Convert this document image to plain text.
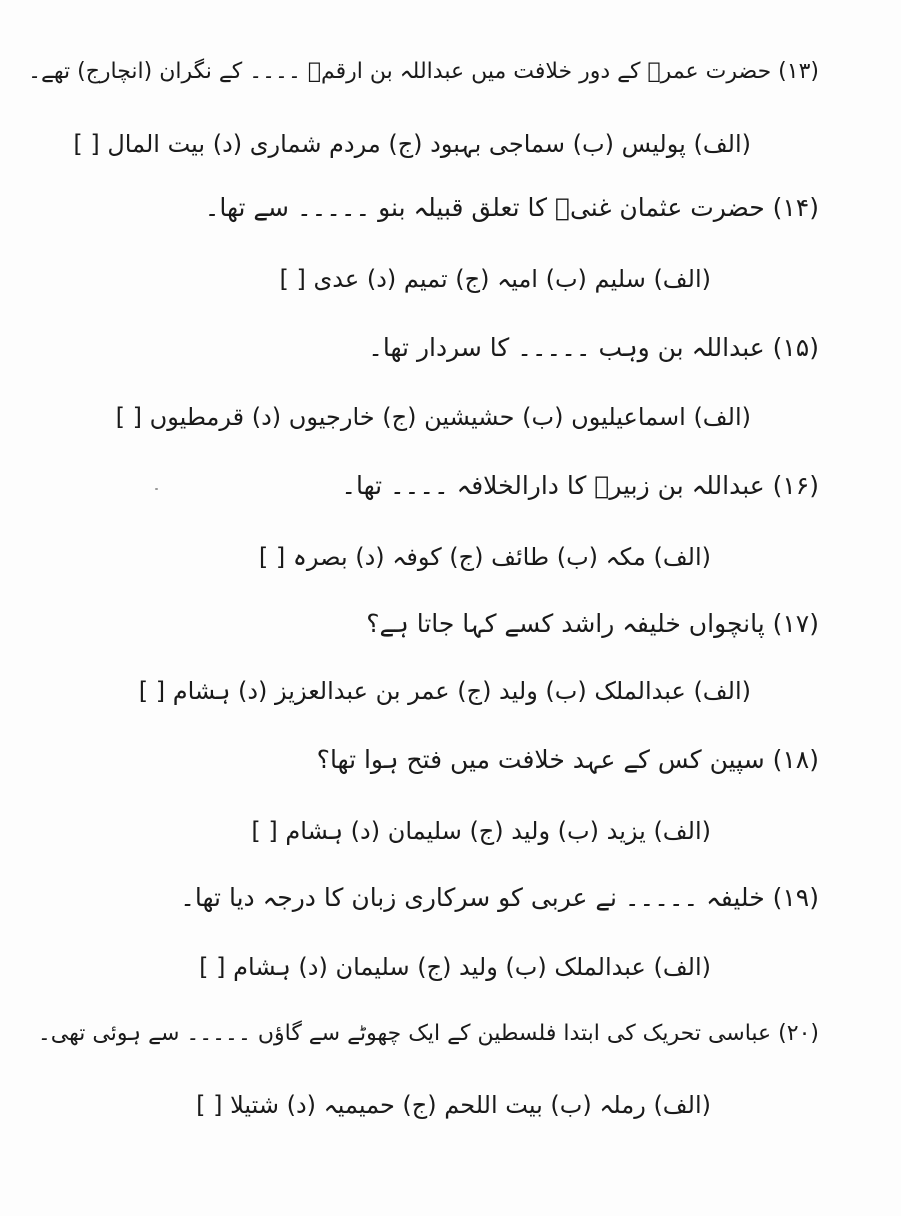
(۱۳) حضرت عمرؓ کے دور خلافت میں عبداللہ بن ارقمؓ ۔۔۔۔ کے نگران (انچارج) تھے۔
(الف) پولیس (ب) سماجی بہبود (ج) مردم شماری (د) بیت المال [ ]
(۱۴) حضرت عثمان غنیؓ کا تعلق قبیلہ بنو ۔۔۔۔۔ سے تھا۔
(الف) سلیم (ب) امیہ (ج) تمیم (د) عدی [ ]
(۱۵) عبداللہ بن وہب ۔۔۔۔۔ کا سردار تھا۔
(الف) اسماعیلیوں (ب) حشیشین (ج) خارجیوں (د) قرمطیوں [ ]
(۱۶) عبداللہ بن زبیرؓ کا دارالخلافہ ۔۔۔۔ تھا۔
(الف) مکہ (ب) طائف (ج) کوفہ (د) بصرہ [ ]
(۱۷) پانچواں خلیفہ راشد کسے کہا جاتا ہے؟
(الف) عبدالملک (ب) ولید (ج) عمر بن عبدالعزیز (د) ہشام [ ]
(۱۸) سپین کس کے عہد خلافت میں فتح ہوا تھا؟
(الف) یزید (ب) ولید (ج) سلیمان (د) ہشام [ ]
(۱۹) خلیفہ ۔۔۔۔۔ نے عربی کو سرکاری زبان کا درجہ دیا تھا۔
(الف) عبدالملک (ب) ولید (ج) سلیمان (د) ہشام [ ]
(۲۰) عباسی تحریک کی ابتدا فلسطین کے ایک چھوٹے سے گاؤں ۔۔۔۔۔ سے ہوئی تھی۔
(الف) رملہ (ب) بیت اللحم (ج) حمیمیہ (د) شتیلا [ ]
